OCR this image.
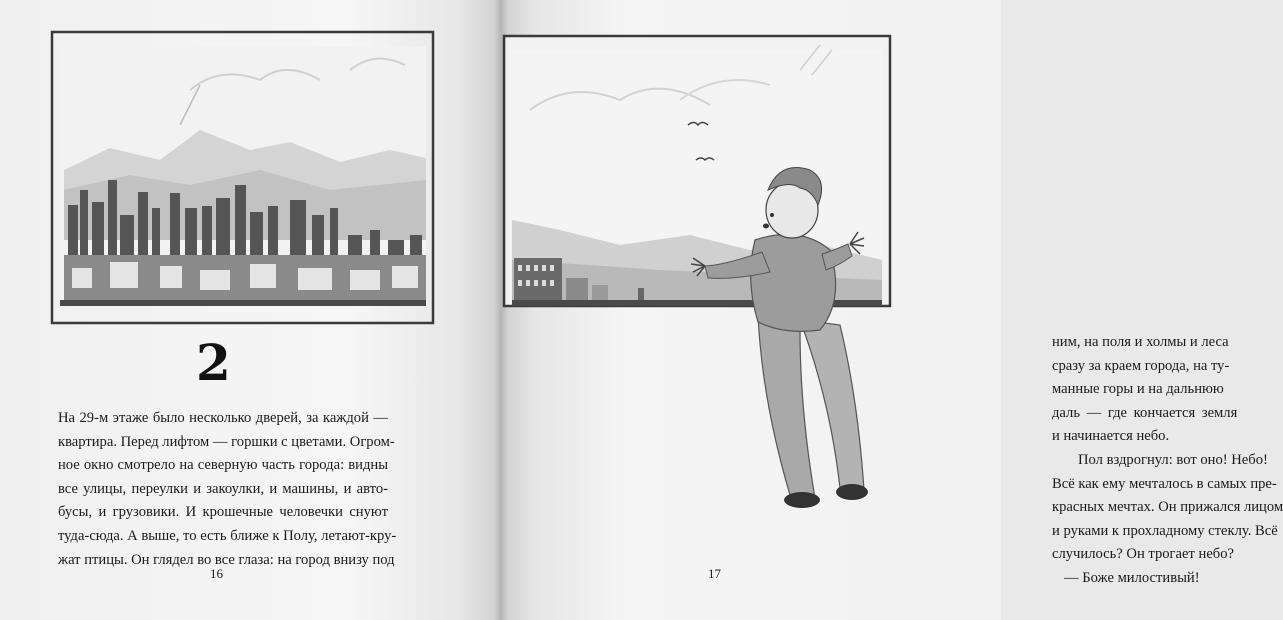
2
На 29-м этаже было несколько дверей, за каждой —
квартира. Перед лифтом — горшки с цветами. Огром-
ное окно смотрело на северную часть города: видны
все улицы, переулки и закоулки, и машины, и авто-
бусы, и грузовики. И крошечные человечки снуют
туда-сюда. А выше, то есть ближе к Полу, летают-кру-
жат птицы. Он глядел во все глаза: на город внизу под
16
ним, на поля и холмы и леса
сразу за краем города, на ту-
манные горы и на дальнюю
даль — где кончается земля
и начинается небо.
Пол вздрогнул: вот оно! Небо!
Всё как ему мечталось в самых пре-
красных мечтах. Он прижался лицом
и руками к прохладному стеклу. Всё
случилось? Он трогает небо?
— Боже милостивый!
17
